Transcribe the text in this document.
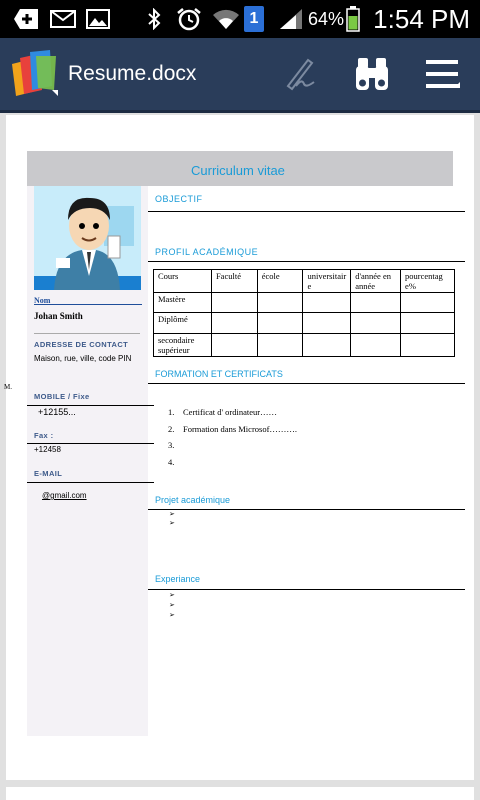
1	64% 1:54 PM
Resume.docx
Curriculum vitae
Nom
Johan Smith
ADRESSE DE CONTACT
Maison, rue, ville, code PIN
M.
MOBILE / Fixe
+12155...
Fax :
+12458
E-MAIL
@gmail.com
OBJECTIF
PROFIL ACADÉMIQUE
Cours	Faculté	école	universitaire	d'année en année	pourcentage%
Mastère					
Diplômé					
secondaire supérieur					
FORMATION ET CERTIFICATS
1. Certificat d' ordinateur……
2. Formation dans Microsof……….
3.
4.
Projet académique
➢
➢
Experiance
➢
➢
➢
